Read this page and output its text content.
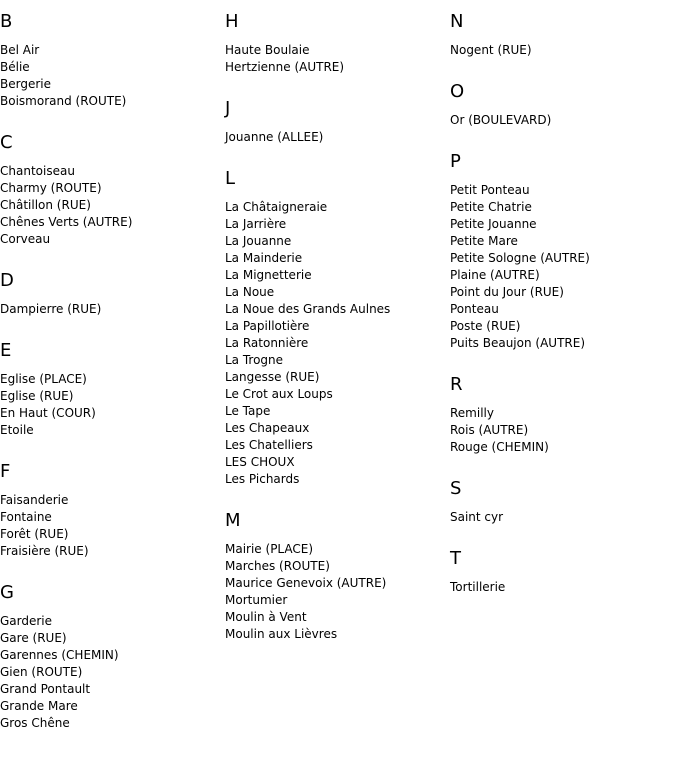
B
Bel Air
Bélie
Bergerie
Boismorand (ROUTE)
C
Chantoiseau
Charmy (ROUTE)
Châtillon (RUE)
Chênes Verts (AUTRE)
Corveau
D
Dampierre (RUE)
E
Eglise (PLACE)
Eglise (RUE)
En Haut (COUR)
Etoile
F
Faisanderie
Fontaine
Forêt (RUE)
Fraisière (RUE)
G
Garderie
Gare (RUE)
Garennes (CHEMIN)
Gien (ROUTE)
Grand Pontault
Grande Mare
Gros Chêne
H
Haute Boulaie
Hertzienne (AUTRE)
J
Jouanne (ALLEE)
L
La Châtaigneraie
La Jarrière
La Jouanne
La Mainderie
La Mignetterie
La Noue
La Noue des Grands Aulnes
La Papillotière
La Ratonnière
La Trogne
Langesse (RUE)
Le Crot aux Loups
Le Tape
Les Chapeaux
Les Chatelliers
LES CHOUX
Les Pichards
M
Mairie (PLACE)
Marches (ROUTE)
Maurice Genevoix (AUTRE)
Mortumier
Moulin à Vent
Moulin aux Lièvres
N
Nogent (RUE)
O
Or (BOULEVARD)
P
Petit Ponteau
Petite Chatrie
Petite Jouanne
Petite Mare
Petite Sologne (AUTRE)
Plaine (AUTRE)
Point du Jour (RUE)
Ponteau
Poste (RUE)
Puits Beaujon (AUTRE)
R
Remilly
Rois (AUTRE)
Rouge (CHEMIN)
S
Saint cyr
T
Tortillerie
